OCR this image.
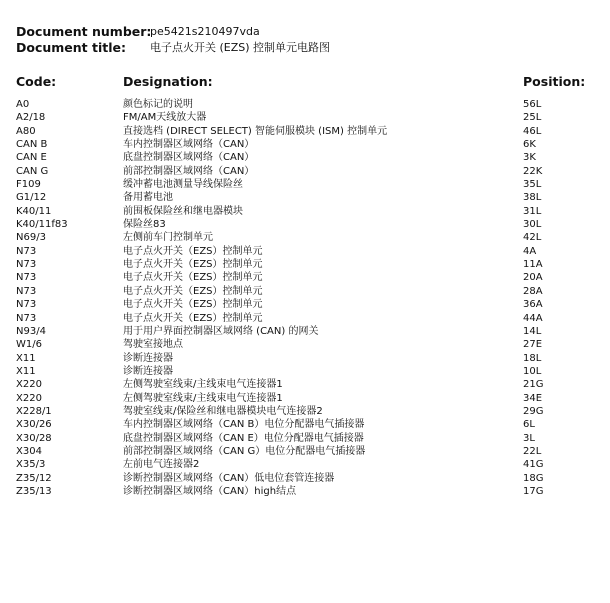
Document number:
pe5421s210497vda
Document title: 电子点火开关 (EZS) 控制单元电路图
Code:	Designation:	Position:
A0	颜色标记的说明	56L
A2/18	FM/AM天线放大器	25L
A80	直接选档 (DIRECT SELECT) 智能伺服模块 (ISM) 控制单元	46L
CAN B	车内控制器区域网络（CAN）	6K
CAN E	底盘控制器区域网络（CAN）	3K
CAN G	前部控制器区域网络（CAN）	22K
F109	缓冲蓄电池测量导线保险丝	35L
G1/12	备用蓄电池	38L
K40/11	前围板保险丝和继电器模块	31L
K40/11f83	保险丝83	30L
N69/3	左侧前车门控制单元	42L
N73	电子点火开关（EZS）控制单元	4A
N73	电子点火开关（EZS）控制单元	11A
N73	电子点火开关（EZS）控制单元	20A
N73	电子点火开关（EZS）控制单元	28A
N73	电子点火开关（EZS）控制单元	36A
N73	电子点火开关（EZS）控制单元	44A
N93/4	用于用户界面控制器区域网络 (CAN) 的网关	14L
W1/6	驾驶室接地点	27E
X11	诊断连接器	18L
X11	诊断连接器	10L
X220	左侧驾驶室线束/主线束电气连接器1	21G
X220	左侧驾驶室线束/主线束电气连接器1	34E
X228/1	驾驶室线束/保险丝和继电器模块电气连接器2	29G
X30/26	车内控制器区域网络（CAN B）电位分配器电气插接器	6L
X30/28	底盘控制器区域网络（CAN E）电位分配器电气插接器	3L
X304	前部控制器区域网络（CAN G）电位分配器电气插接器	22L
X35/3	左前电气连接器2	41G
Z35/12	诊断控制器区域网络（CAN）低电位套管连接器	18G
Z35/13	诊断控制器区域网络（CAN）high结点	17G
